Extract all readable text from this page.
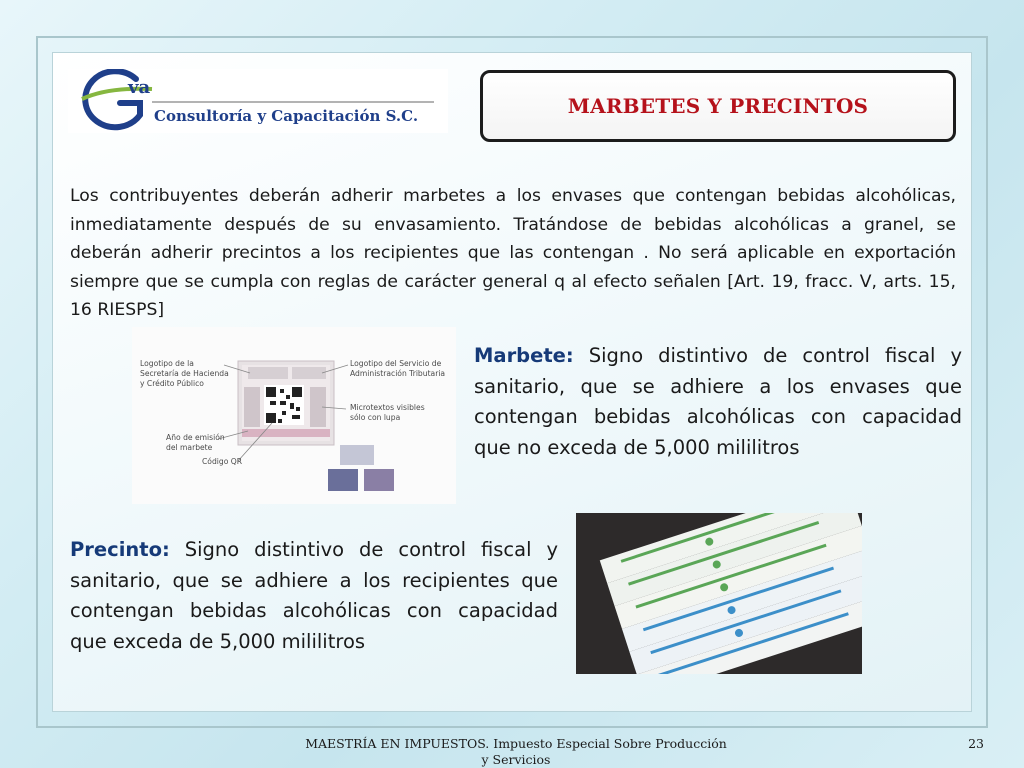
va
Consultoría y Capacitación S.C.	MARBETES Y PRECINTOS

Los contribuyentes deberán adherir marbetes a los envases que contengan bebidas alcohólicas, inmediatamente después de su envasamiento. Tratándose de bebidas alcohólicas a granel, se deberán adherir precintos a los recipientes que las contengan . No será aplicable en exportación siempre que se cumpla con reglas de carácter general q al efecto señalen [Art. 19, fracc. V, arts. 15, 16 RIESPS]

Logotipo de la Secretaría de Hacienda y Crédito Público
Logotipo del Servicio de Administración Tributaria
Microtextos visibles sólo con lupa
Año de emisión del marbete
Código QR

Marbete: Signo distintivo de control fiscal y sanitario, que se adhiere a los envases que contengan bebidas alcohólicas con capacidad que no exceda de 5,000 mililitros

Precinto: Signo distintivo de control fiscal y sanitario, que se adhiere a los recipientes que contengan bebidas alcohólicas con capacidad que exceda de 5,000 mililitros

MAESTRÍA EN IMPUESTOS. Impuesto Especial Sobre Producción y Servicios
23
